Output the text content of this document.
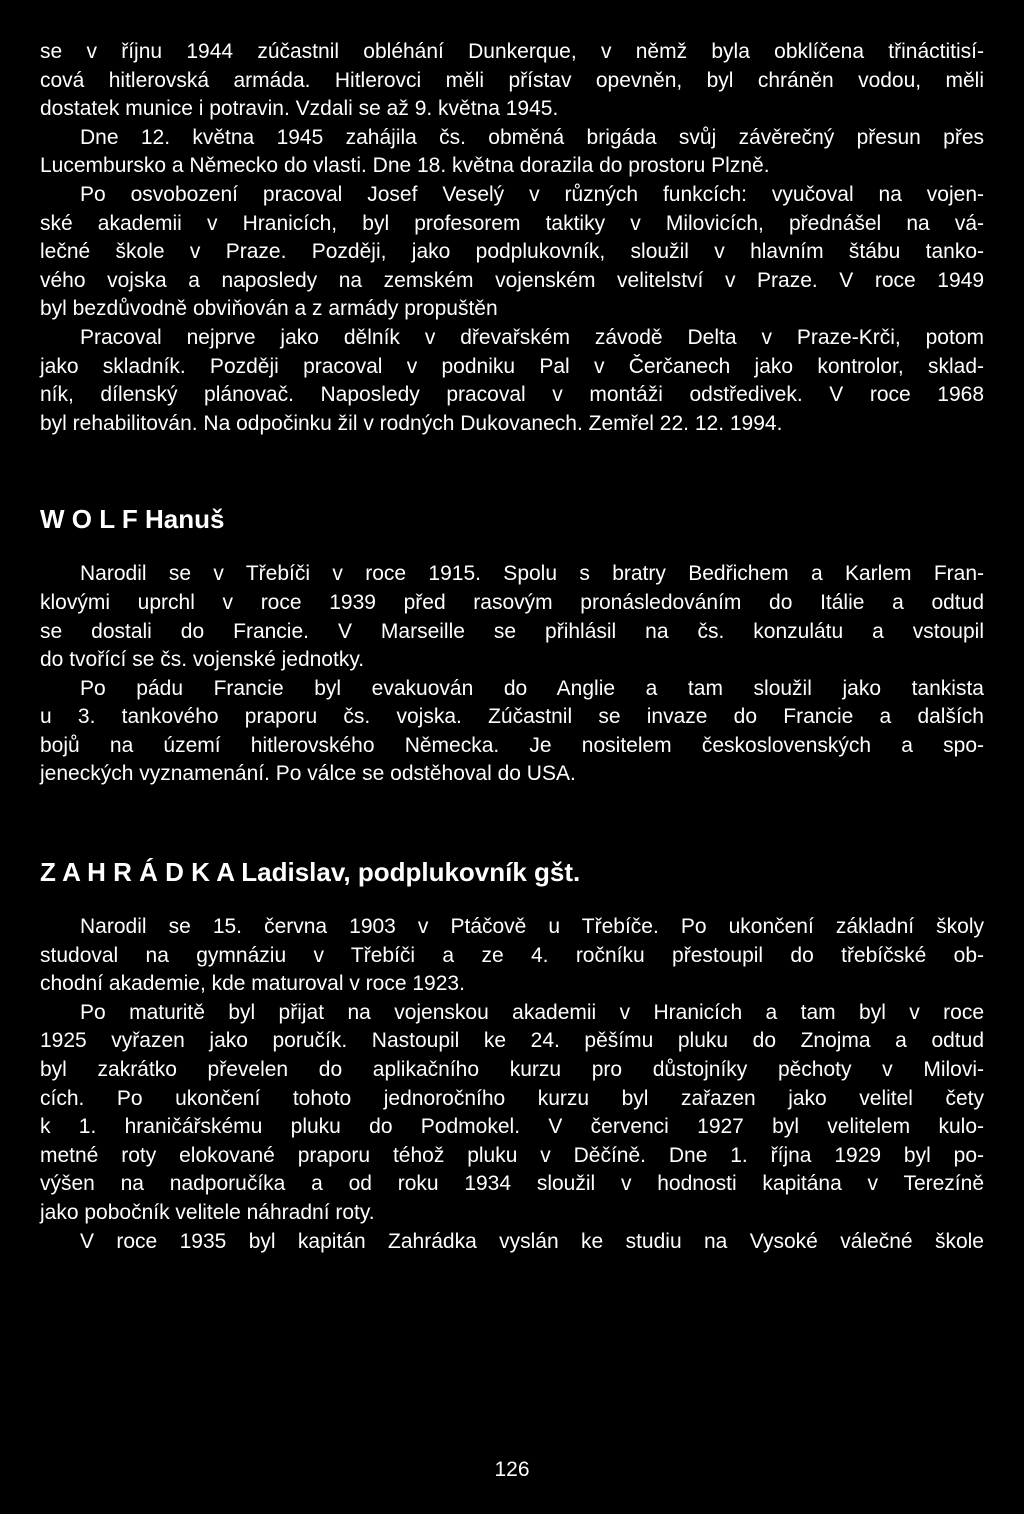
se v říjnu 1944 zúčastnil obléhání Dunkerque, v němž byla obklíčena třináctitisí-
cová hitlerovská armáda. Hitlerovci měli přístav opevněn, byl chráněn vodou, měli
dostatek munice i potravin. Vzdali se až 9. května 1945.
Dne 12. května 1945 zahájila čs. obměná brigáda svůj závěrečný přesun přes
Lucembursko a Německo do vlasti. Dne 18. května dorazila do prostoru Plzně.
Po osvobození pracoval Josef Veselý v různých funkcích: vyučoval na vojen-
ské akademii v Hranicích, byl profesorem taktiky v Milovicích, přednášel na vá-
lečné škole v Praze. Později, jako podplukovník, sloužil v hlavním štábu tanko-
vého vojska a naposledy na zemském vojenském velitelství v Praze. V roce 1949
byl bezdůvodně obviňován a z armády propuštěn
Pracoval nejprve jako dělník v dřevařském závodě Delta v Praze-Krči, potom
jako skladník. Později pracoval v podniku Pal v Čerčanech jako kontrolor, sklad-
ník, dílenský plánovač. Naposledy pracoval v montáži odstředivek. V roce 1968
byl rehabilitován. Na odpočinku žil v rodných Dukovanech. Zemřel 22. 12. 1994.
W O L F Hanuš
Narodil se v Třebíči v roce 1915. Spolu s bratry Bedřichem a Karlem Fran-
klovými uprchl v roce 1939 před rasovým pronásledováním do Itálie a odtud
se dostali do Francie. V Marseille se přihlásil na čs. konzulátu a vstoupil
do tvořící se čs. vojenské jednotky.
Po pádu Francie byl evakuován do Anglie a tam sloužil jako tankista
u 3. tankového praporu čs. vojska. Zúčastnil se invaze do Francie a dalších
bojů na území hitlerovského Německa. Je nositelem československých a spo-
jeneckých vyznamenání. Po válce se odstěhoval do USA.
Z A H R Á D K A Ladislav, podplukovník gšt.
Narodil se 15. června 1903 v Ptáčově u Třebíče. Po ukončení základní školy
studoval na gymnáziu v Třebíči a ze 4. ročníku přestoupil do třebíčské ob-
chodní akademie, kde maturoval v roce 1923.
Po maturitě byl přijat na vojenskou akademii v Hranicích a tam byl v roce
1925 vyřazen jako poručík. Nastoupil ke 24. pěšímu pluku do Znojma a odtud
byl zakrátko převelen do aplikačního kurzu pro důstojníky pěchoty v Milovi-
cích. Po ukončení tohoto jednoročního kurzu byl zařazen jako velitel čety
k 1. hraničářskému pluku do Podmokel. V červenci 1927 byl velitelem kulo-
metné roty elokované praporu téhož pluku v Děčíně. Dne 1. října 1929 byl po-
výšen na nadporučíka a od roku 1934 sloužil v hodnosti kapitána v Terezíně
jako pobočník velitele náhradní roty.
V roce 1935 byl kapitán Zahrádka vyslán ke studiu na Vysoké válečné škole
126
